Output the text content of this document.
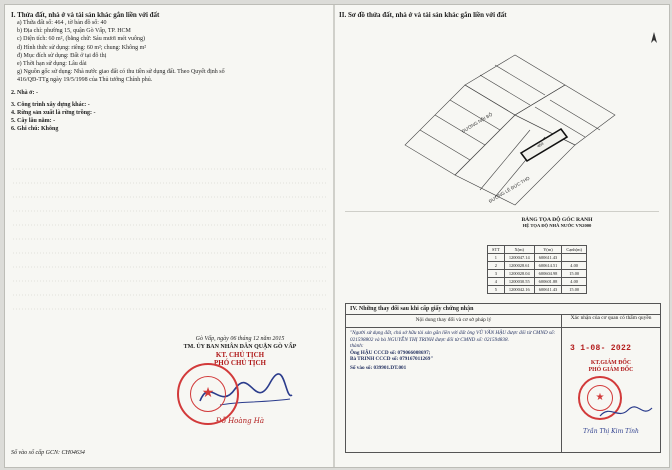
I. Thửa đất, nhà ở và tài sản khác gắn liền với đất

a) Thửa đất số: 464 , tờ bản đồ số: 40
b) Địa chỉ: phường 15, quận Gò Vấp, TP. HCM
c) Diện tích: 60 m², (bằng chữ: Sáu mươi mét vuông)
d) Hình thức sử dụng: riêng: 60 m²; chung: Không m²
đ) Mục đích sử dụng: Đất ở tại đô thị
e) Thời hạn sử dụng: Lâu dài
g) Nguồn gốc sử dụng: Nhà nước giao đất có thu tiền sử dụng đất. Theo Quyết định số
416/QĐ-TTg ngày 19/5/1998 của Thủ tướng Chính phủ.
2. Nhà ở: -
3. Công trình xây dựng khác: -
4. Rừng sản xuất là rừng trồng: -
5. Cây lâu năm: -
6. Ghi chú: Không
Gò Vấp, ngày 06 tháng 12 năm 2015
TM. ỦY BAN NHÂN DÂN QUẬN GÒ VẤP
KT. CHỦ TỊCH
PHÓ CHỦ TỊCH
Đỗ Hoàng Hà
★
Số vào sổ cấp GCN: CH04634

II. Sơ đồ thửa đất, nhà ở và tài sản khác gắn liền với đất

464
ĐƯỜNG LÊ ĐỨC THỌ
ĐƯỜNG NỘI BỘ
BẢNG TỌA ĐỘ GÓC RANH
HỆ TỌA ĐỘ NHÀ NƯỚC VN2000
STT	X(m)	Y(m)	Cạnh(m)
1	1200047.14	600611.43	
2	1200028.61	600614.51	4.00
3	1200028.04	600604.98	15.00
4	1200030.55	600601.88	4.00
5	1200042.16	600611.43	15.00
IV. Những thay đổi sau khi cấp giấy chứng nhận
Nội dung thay đổi và cơ sở pháp lý
"Người sử dụng đất, chủ sở hữu tài sản gắn liền với đất ông VŨ VĂN HẬU được đổi từ CMND số: 021598802 và bà NGUYỄN THỊ TRINH được đổi từ CMND số: 021594838.
thành:
Ông HẬU CCCD số: 079066008697;
Bà TRINH CCCD số: 079167011269"
Số vào sổ: 039901.DT.001
Xác nhận của cơ quan có thẩm quyền
3 1-08- 2022
KT.GIÁM ĐỐC
PHÓ GIÁM ĐỐC
★
Trần Thị Kim Tính
